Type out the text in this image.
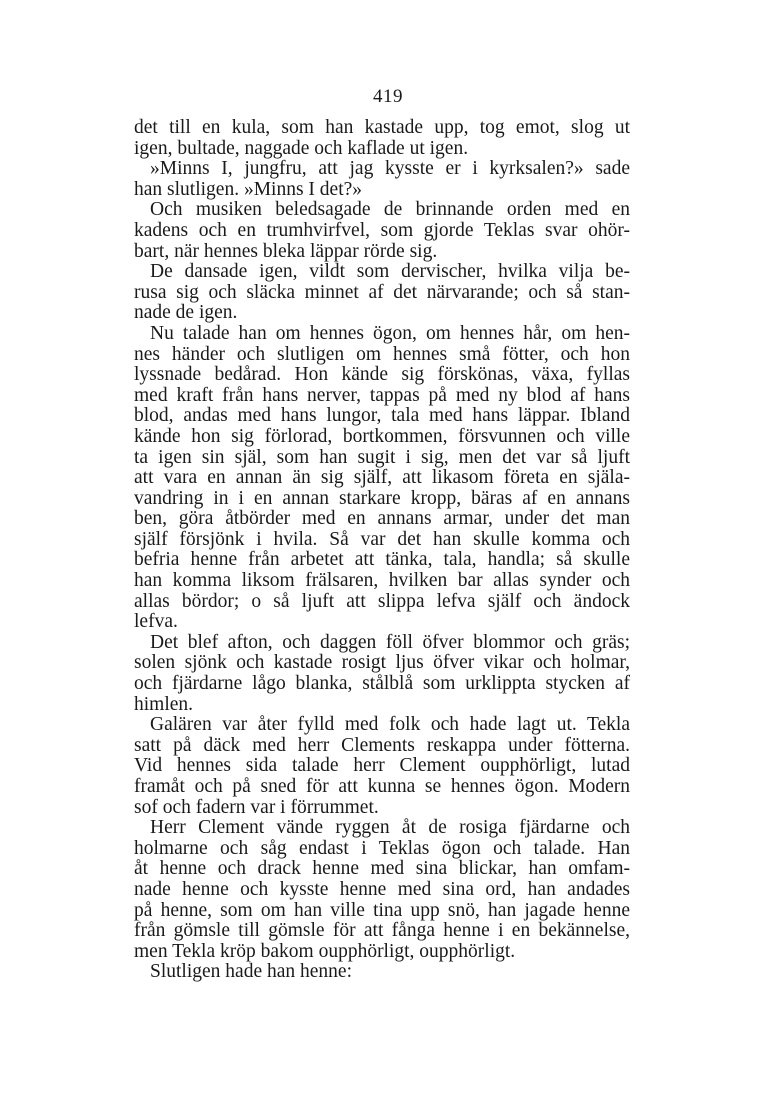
419
det till en kula, som han kastade upp, tog emot, slog ut
igen, bultade, naggade och kaflade ut igen.
»Minns I, jungfru, att jag kysste er i kyrksalen?» sade
han slutligen. »Minns I det?»
Och musiken beledsagade de brinnande orden med en
kadens och en trumhvirfvel, som gjorde Teklas svar ohör-
bart, när hennes bleka läppar rörde sig.
De dansade igen, vildt som dervischer, hvilka vilja be-
rusa sig och släcka minnet af det närvarande; och så stan-
nade de igen.
Nu talade han om hennes ögon, om hennes hår, om hen-
nes händer och slutligen om hennes små fötter, och hon
lyssnade bedårad. Hon kände sig förskönas, växa, fyllas
med kraft från hans nerver, tappas på med ny blod af hans
blod, andas med hans lungor, tala med hans läppar. Ibland
kände hon sig förlorad, bortkommen, försvunnen och ville
ta igen sin själ, som han sugit i sig, men det var så ljuft
att vara en annan än sig själf, att likasom företa en själa-
vandring in i en annan starkare kropp, bäras af en annans
ben, göra åtbörder med en annans armar, under det man
själf försjönk i hvila. Så var det han skulle komma och
befria henne från arbetet att tänka, tala, handla; så skulle
han komma liksom frälsaren, hvilken bar allas synder och
allas bördor; o så ljuft att slippa lefva själf och ändock
lefva.
Det blef afton, och daggen föll öfver blommor och gräs;
solen sjönk och kastade rosigt ljus öfver vikar och holmar,
och fjärdarne lågo blanka, stålblå som urklippta stycken af
himlen.
Galären var åter fylld med folk och hade lagt ut. Tekla
satt på däck med herr Clements reskappa under fötterna.
Vid hennes sida talade herr Clement oupphörligt, lutad
framåt och på sned för att kunna se hennes ögon. Modern
sof och fadern var i förrummet.
Herr Clement vände ryggen åt de rosiga fjärdarne och
holmarne och såg endast i Teklas ögon och talade. Han
åt henne och drack henne med sina blickar, han omfam-
nade henne och kysste henne med sina ord, han andades
på henne, som om han ville tina upp snö, han jagade henne
från gömsle till gömsle för att fånga henne i en bekännelse,
men Tekla kröp bakom oupphörligt, oupphörligt.
Slutligen hade han henne:
